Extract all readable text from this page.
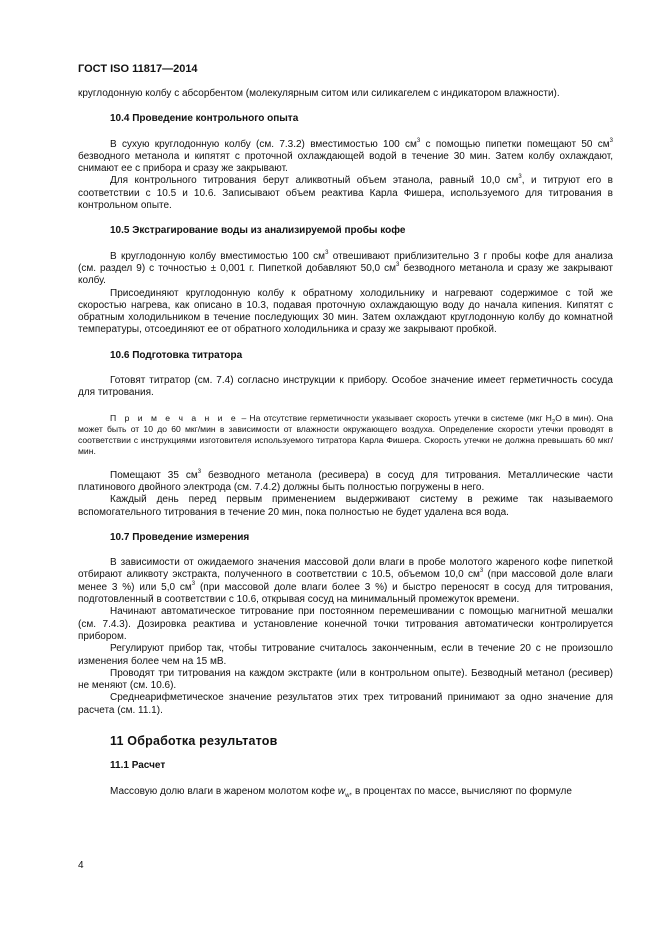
ГОСТ ISO 11817—2014

круглодонную колбу с абсорбентом (молекулярным ситом или силикагелем с индикатором влажности).

10.4 Проведение контрольного опыта

В сухую круглодонную колбу (см. 7.3.2) вместимостью 100 $см^3$ с помощью пипетки помещают 50 $см^3$ безводного метанола и кипятят с проточной охлаждающей водой в течение 30 мин. Затем колбу охлаждают, снимают ее с прибора и сразу же закрывают.

Для контрольного титрования берут аликвотный объем этанола, равный 10,0 $см^3$, и титруют его в соответствии с 10.5 и 10.6. Записывают объем реактива Карла Фишера, используемого для титрования в контрольном опыте.

10.5 Экстрагирование воды из анализируемой пробы кофе

В круглодонную колбу вместимостью 100 $см^3$ отвешивают приблизительно 3 г пробы кофе для анализа (см. раздел 9) с точностью ± 0,001 г. Пипеткой добавляют 50,0 $см^3$ безводного метанола и сразу же закрывают колбу.

Присоединяют круглодонную колбу к обратному холодильнику и нагревают содержимое с той же скоростью нагрева, как описано в 10.3, подавая проточную охлаждающую воду до начала кипения. Кипятят с обратным холодильником в течение последующих 30 мин. Затем охлаждают круглодонную колбу до комнатной температуры, отсоединяют ее от обратного холодильника и сразу же закрывают пробкой.

10.6 Подготовка титратора

Готовят титратор (см. 7.4) согласно инструкции к прибору. Особое значение имеет герметичность сосуда для титрования.

П р и м е ч а н и е – На отсутствие герметичности указывает скорость утечки в системе (мкг $H_2O$ в мин). Она может быть от 10 до 60 мкг/мин в зависимости от влажности окружающего воздуха. Определение скорости утечки проводят в соответствии с инструкциями изготовителя используемого титратора Карла Фишера. Скорость утечки не должна превышать 60 мкг/мин.

Помещают 35 $см^3$ безводного метанола (ресивера) в сосуд для титрования. Металлические части платинового двойного электрода (см. 7.4.2) должны быть полностью погружены в него.

Каждый день перед первым применением выдерживают систему в режиме так называемого вспомогательного титрования в течение 20 мин, пока полностью не будет удалена вся вода.

10.7 Проведение измерения

В зависимости от ожидаемого значения массовой доли влаги в пробе молотого жареного кофе пипеткой отбирают аликвоту экстракта, полученного в соответствии с 10.5, объемом 10,0 $см^3$ (при массовой доле влаги менее 3 %) или 5,0 $см^3$ (при массовой доле влаги более 3 %) и быстро переносят в сосуд для титрования, подготовленный в соответствии с 10.6, открывая сосуд на минимальный промежуток времени.

Начинают автоматическое титрование при постоянном перемешивании с помощью магнитной мешалки (см. 7.4.3). Дозировка реактива и установление конечной точки титрования автоматически контролируется прибором.

Регулируют прибор так, чтобы титрование считалось законченным, если в течение 20 с не произошло изменения более чем на 15 мВ.

Проводят три титрования на каждом экстракте (или в контрольном опыте). Безводный метанол (ресивер) не меняют (см. 10.6).

Среднеарифметическое значение результатов этих трех титрований принимают за одно значение для расчета (см. 11.1).

11 Обработка результатов
11.1 Расчет

Массовую долю влаги в жареном молотом кофе $w_w$, в процентах по массе, вычисляют по формуле

4
